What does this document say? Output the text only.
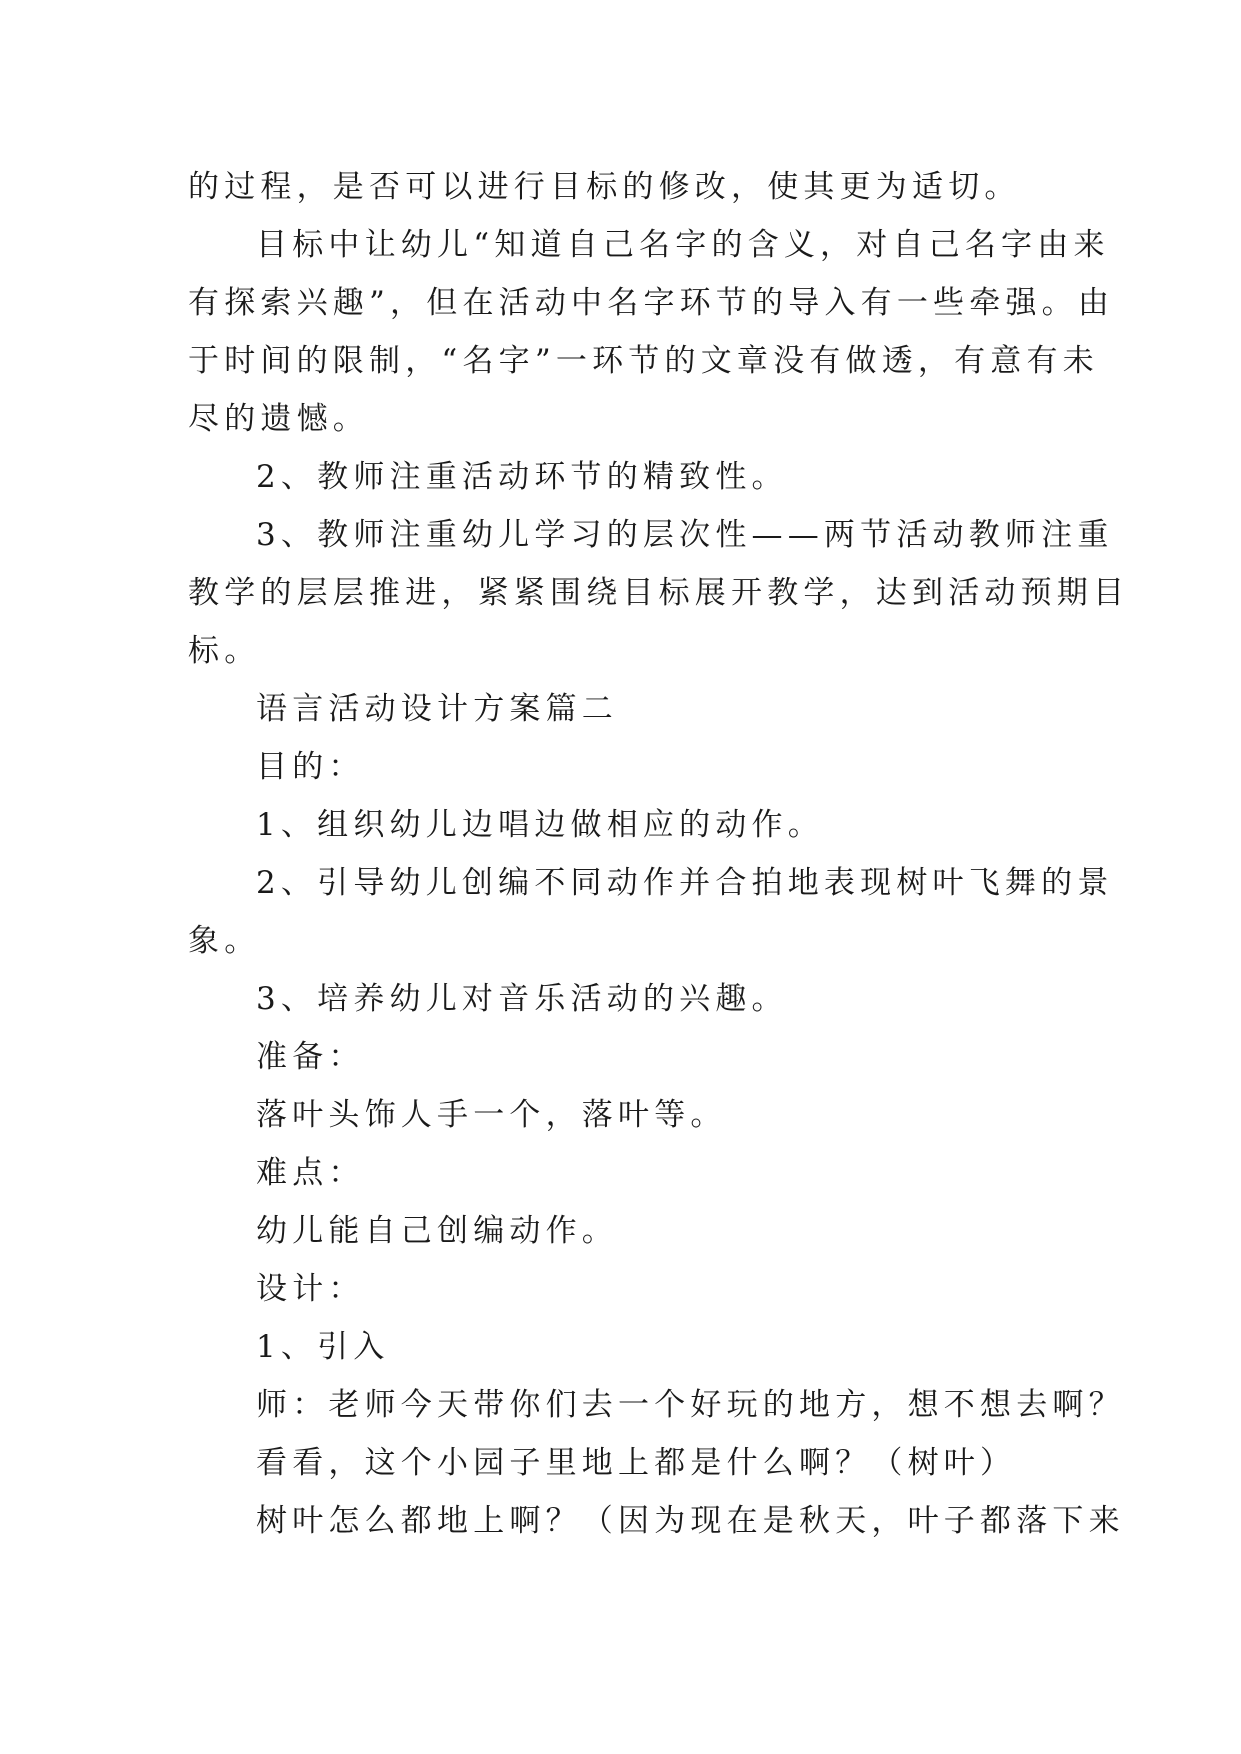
的过程，是否可以进行目标的修改，使其更为适切。
目标中让幼儿“知道自己名字的含义，对自己名字由来
有探索兴趣”，但在活动中名字环节的导入有一些牵强。由
于时间的限制，“名字”一环节的文章没有做透，有意有未
尽的遗憾。
2、教师注重活动环节的精致性。
3、教师注重幼儿学习的层次性——两节活动教师注重
教学的层层推进，紧紧围绕目标展开教学，达到活动预期目
标。
语言活动设计方案篇二
目的：
1、组织幼儿边唱边做相应的动作。
2、引导幼儿创编不同动作并合拍地表现树叶飞舞的景
象。
3、培养幼儿对音乐活动的兴趣。
准备：
落叶头饰人手一个，落叶等。
难点：
幼儿能自己创编动作。
设计：
1、引入
师：老师今天带你们去一个好玩的地方，想不想去啊？
看看，这个小园子里地上都是什么啊？（树叶）
树叶怎么都地上啊？（因为现在是秋天，叶子都落下来
